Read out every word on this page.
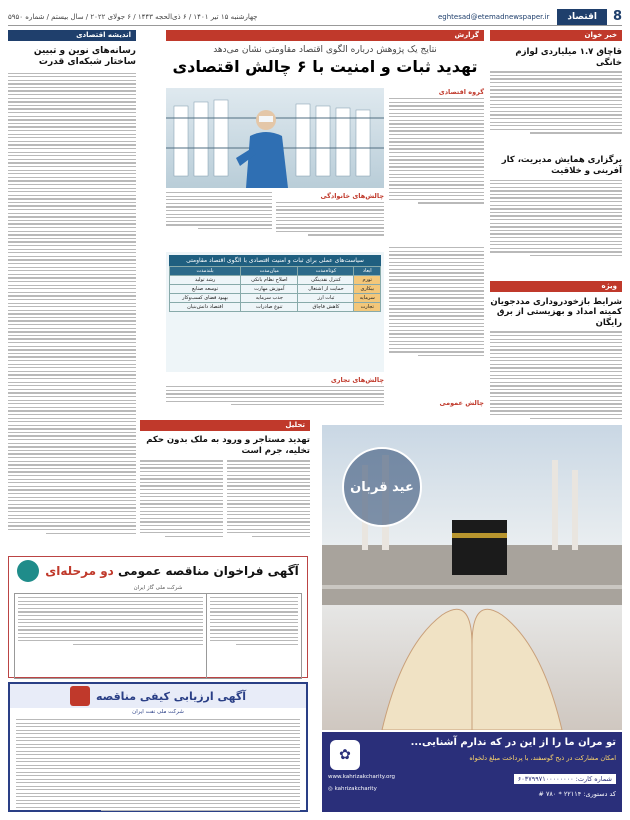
8
اقتصاد
eghtesad@etemadnewspaper.ir
چهارشنبه ۱۵ تیر ۱۴۰۱ / ۶ ذی‌الحجه ۱۴۴۳ / ۶ جولای ۲۰۲۲ / سال بیستم / شماره ۵۹۵۰
خبر خوان
قاچاق ۱.۷ میلیاردی لوازم خانگی
برگزاری همایش مدیریت، کار آفرینی و خلاقیت
ویژه
شرایط بازخودرو‌داری مددجویان کمیته امداد و بهزیستی از برق رایگان
گزارش
نتایج یک پژوهش درباره الگوی اقتصاد مقاومتی نشان می‌دهد
تهدید ثبات و امنیت با ۶ چالش اقتصادی
گروه اقتصادی
چالش عمومی
چالش‌های خانوادگی
سیاست‌های عملی برای ثبات و امنیت اقتصادی با الگوی اقتصاد مقاومتی
ابعاد	کوتاه‌مدت	میان‌مدت	بلندمدت
تورم	کنترل نقدینگی	اصلاح نظام بانکی	رشد تولید
بیکاری	حمایت از اشتغال	آموزش مهارت	توسعه صنایع
سرمایه	ثبات ارز	جذب سرمایه	بهبود فضای کسب‌وکار
تجارت	کاهش قاچاق	تنوع صادرات	اقتصاد دانش‌بنیان
چالش‌های تجاری
اندیشه اقتصادی
رسانه‌های نوین و تبیین ساختار شبکه‌ای قدرت
تحلیل
تهدید مستاجر و ورود به ملک بدون حکم تخلیه، جرم است
عید قربان
آگهی فراخوان مناقصه عمومی دو مرحله‌ای
شرکت ملی گاز ایران
آگهی ارزیابی کیفی مناقصه
شرکت ملی نفت ایران
تو مران ما را از این در که ندارم آشنایی...
امکان مشارکت در ذبح گوسفند، با پرداخت مبلغ دلخواه
شماره کارت: ۶۰۳۷۹۹۷۱۰۰۰۰۰۰۰۰
کد دستوری: ۲۲۱۱۴ * ۷۸۰ #
www.kahrizakcharity.org
◎ kahrizakcharity
✿
